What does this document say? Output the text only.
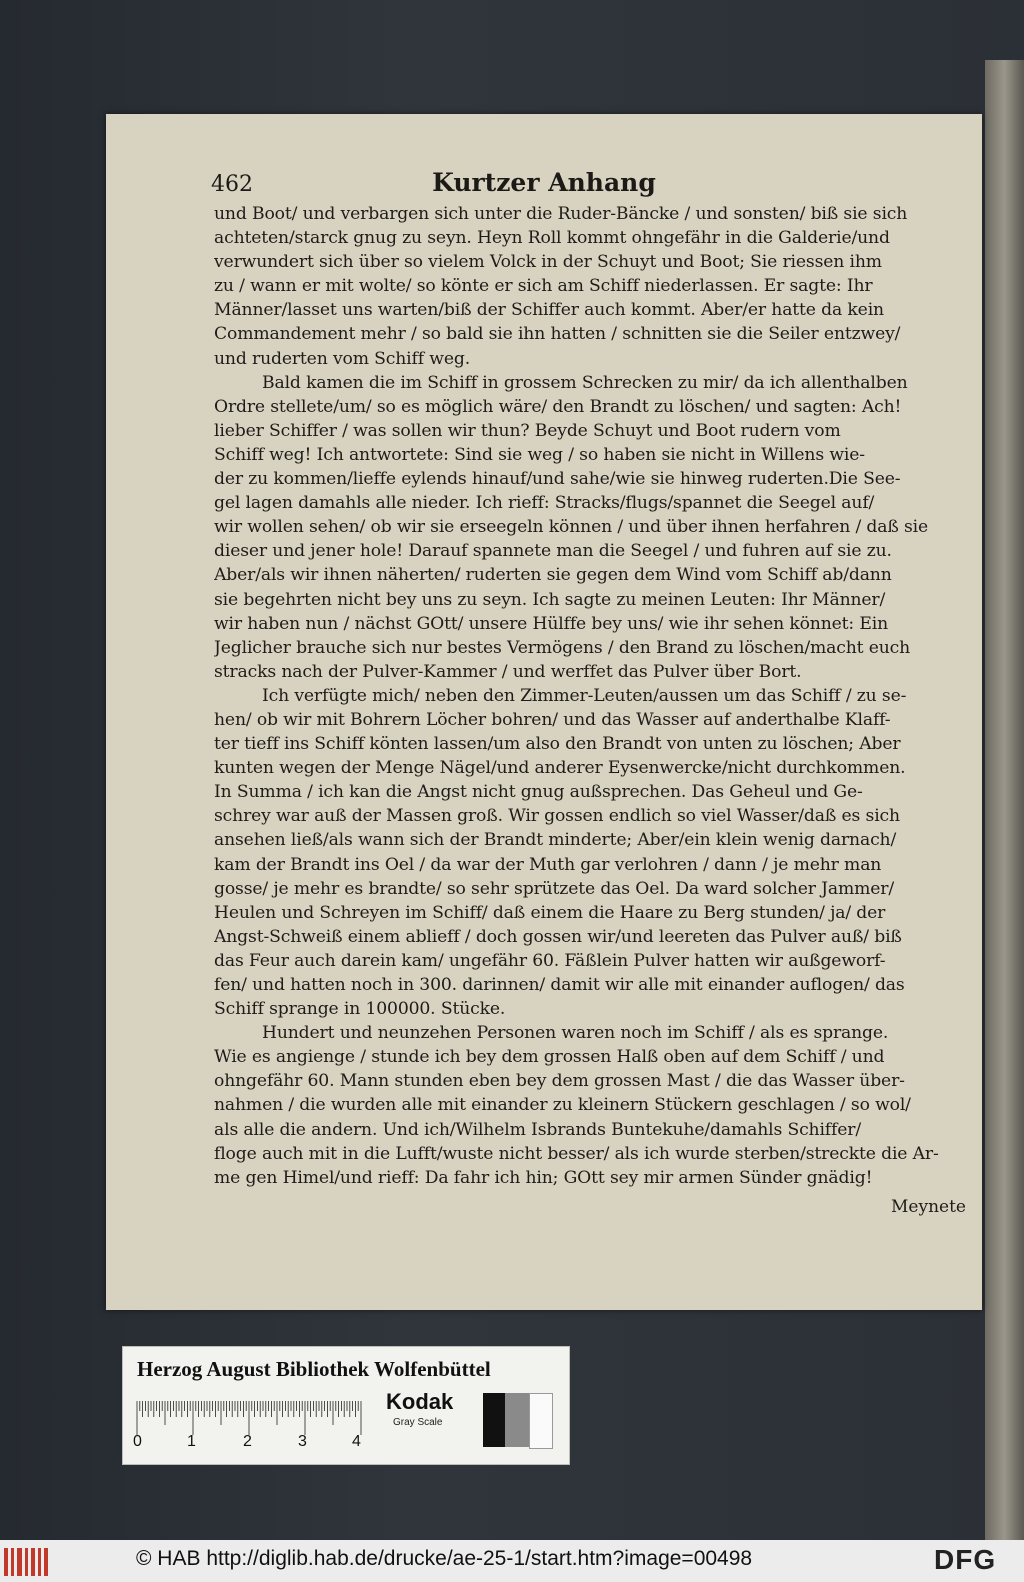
462	Kurtzer Anhang
und Boot/ und verbargen sich unter die Ruder-Bäncke / und sonsten/ biß sie sich
achteten/starck gnug zu seyn. Heyn Roll kommt ohngefähr in die Galderie/und
verwundert sich über so vielem Volck in der Schuyt und Boot; Sie riessen ihm
zu / wann er mit wolte/ so könte er sich am Schiff niederlassen. Er sagte: Ihr
Männer/lasset uns warten/biß der Schiffer auch kommt. Aber/er hatte da kein
Commandement mehr / so bald sie ihn hatten / schnitten sie die Seiler entzwey/
und ruderten vom Schiff weg.
Bald kamen die im Schiff in grossem Schrecken zu mir/ da ich allenthalben
Ordre stellete/um/ so es möglich wäre/ den Brandt zu löschen/ und sagten: Ach!
lieber Schiffer / was sollen wir thun? Beyde Schuyt und Boot rudern vom
Schiff weg! Ich antwortete: Sind sie weg / so haben sie nicht in Willens wie-
der zu kommen/lieffe eylends hinauf/und sahe/wie sie hinweg ruderten.Die See-
gel lagen damahls alle nieder. Ich rieff: Stracks/flugs/spannet die Seegel auf/
wir wollen sehen/ ob wir sie erseegeln können / und über ihnen herfahren / daß sie
dieser und jener hole! Darauf spannete man die Seegel / und fuhren auf sie zu.
Aber/als wir ihnen näherten/ ruderten sie gegen dem Wind vom Schiff ab/dann
sie begehrten nicht bey uns zu seyn. Ich sagte zu meinen Leuten: Ihr Männer/
wir haben nun / nächst GOtt/ unsere Hülffe bey uns/ wie ihr sehen könnet: Ein
Jeglicher brauche sich nur bestes Vermögens / den Brand zu löschen/macht euch
stracks nach der Pulver-Kammer / und werffet das Pulver über Bort.
Ich verfügte mich/ neben den Zimmer-Leuten/aussen um das Schiff / zu se-
hen/ ob wir mit Bohrern Löcher bohren/ und das Wasser auf anderthalbe Klaff-
ter tieff ins Schiff könten lassen/um also den Brandt von unten zu löschen; Aber
kunten wegen der Menge Nägel/und anderer Eysenwercke/nicht durchkommen.
In Summa / ich kan die Angst nicht gnug außsprechen. Das Geheul und Ge-
schrey war auß der Massen groß. Wir gossen endlich so viel Wasser/daß es sich
ansehen ließ/als wann sich der Brandt minderte; Aber/ein klein wenig darnach/
kam der Brandt ins Oel / da war der Muth gar verlohren / dann / je mehr man
gosse/ je mehr es brandte/ so sehr sprützete das Oel. Da ward solcher Jammer/
Heulen und Schreyen im Schiff/ daß einem die Haare zu Berg stunden/ ja/ der
Angst-Schweiß einem ablieff / doch gossen wir/und leereten das Pulver auß/ biß
das Feur auch darein kam/ ungefähr 60. Fäßlein Pulver hatten wir außgeworf-
fen/ und hatten noch in 300. darinnen/ damit wir alle mit einander auflogen/ das
Schiff sprange in 100000. Stücke.
Hundert und neunzehen Personen waren noch im Schiff / als es sprange.
Wie es angienge / stunde ich bey dem grossen Halß oben auf dem Schiff / und
ohngefähr 60. Mann stunden eben bey dem grossen Mast / die das Wasser über-
nahmen / die wurden alle mit einander zu kleinern Stückern geschlagen / so wol/
als alle die andern. Und ich/Wilhelm Isbrands Buntekuhe/damahls Schiffer/
floge auch mit in die Lufft/wuste nicht besser/ als ich wurde sterben/streckte die Ar-
me gen Himel/und rieff: Da fahr ich hin; GOtt sey mir armen Sünder gnädig!
Meynete
Herzog August Bibliothek Wolfenbüttel
0	1	2	3	4
Kodak
Gray Scale
© HAB http://diglib.hab.de/drucke/ae-25-1/start.htm?image=00498	DFG
